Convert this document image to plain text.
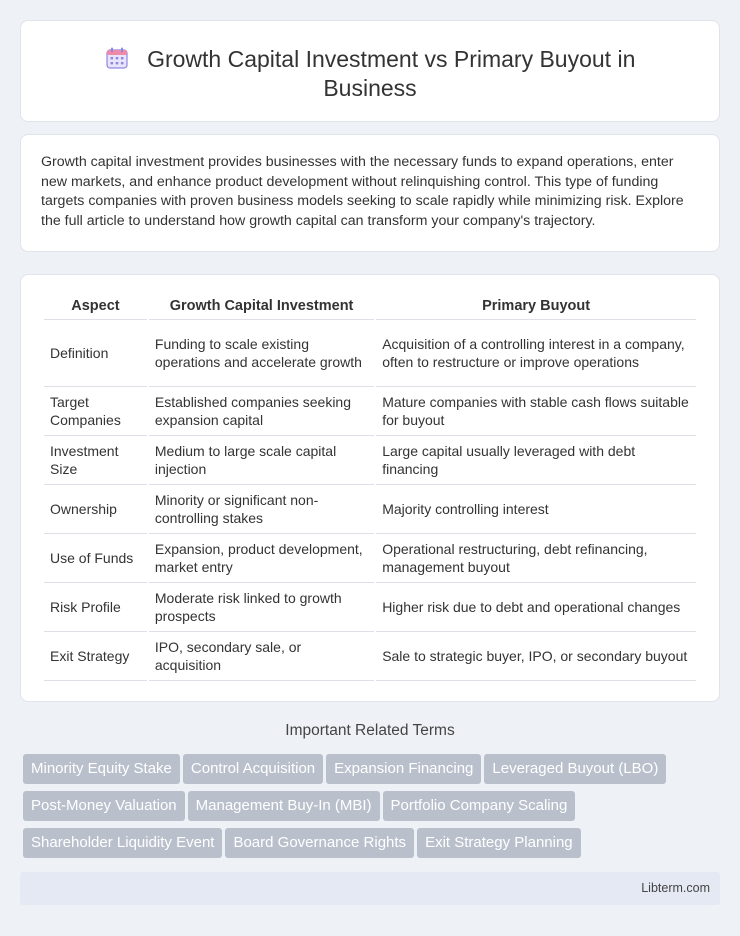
Growth Capital Investment vs Primary Buyout in
Business

Growth capital investment provides businesses with the necessary funds to expand operations, enter new markets, and enhance product development without relinquishing control. This type of funding targets companies with proven business models seeking to scale rapidly while minimizing risk. Explore the full article to understand how growth capital can transform your company's trajectory.

Aspect	Growth Capital Investment	Primary Buyout
Definition	Funding to scale existing operations and accelerate growth	Acquisition of a controlling interest in a company, often to restructure or improve operations
Target Companies	Established companies seeking expansion capital	Mature companies with stable cash flows suitable for buyout
Investment Size	Medium to large scale capital injection	Large capital usually leveraged with debt financing
Ownership	Minority or significant non-controlling stakes	Majority controlling interest
Use of Funds	Expansion, product development, market entry	Operational restructuring, debt refinancing, management buyout
Risk Profile	Moderate risk linked to growth prospects	Higher risk due to debt and operational changes
Exit Strategy	IPO, secondary sale, or acquisition	Sale to strategic buyer, IPO, or secondary buyout
Important Related Terms
Minority Equity Stake Control Acquisition Expansion Financing Leveraged Buyout (LBO)
Post-Money Valuation Management Buy-In (MBI) Portfolio Company Scaling
Shareholder Liquidity Event Board Governance Rights Exit Strategy Planning
Libterm.com
